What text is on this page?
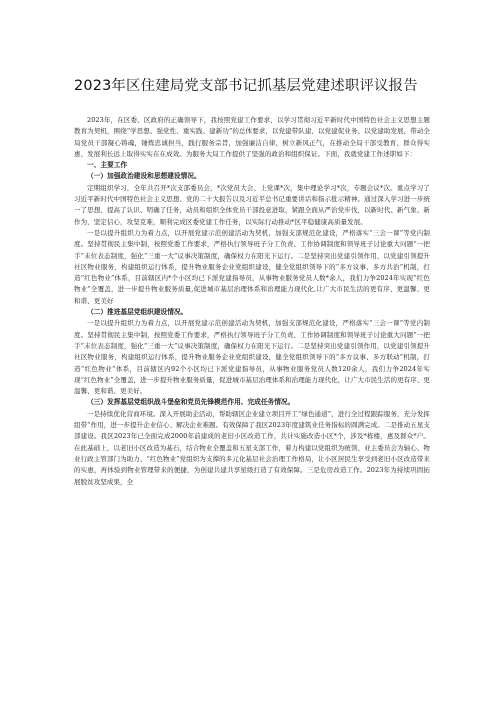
2023年区住建局党支部书记抓基层党建述职评议报告

2023年，在区委、区政府的正确领导下，我按照党建工作要求，以学习贯彻习近平新时代中国特色社会主义思想主题教育为契机，围绕“学思想、强党性、重实践、建新功”的总体要求，以党建带队建、以党建促业务、以党建助发展，带动全局党员干部凝心铸魂，锤炼忠诚担当，践行服务宗旨，加强廉洁自律，树立新风正气，在推动全局干部受教育、群众得实惠、发展利长远上取得实实在在成效。为服务大局工作提供了坚强的政治和组织保证。下面，我就党建工作述职如下：

一、主要工作

（一）加强政治建设和思想建设情况。

定期组织学习，全年共召开*次支部委员会，*次党员大会、上党课*次，集中理论学习*次，专题会议*次。重点学习了习近平新时代中国特色社会主义思想、党的二十大报告以及习近平总书记重要讲话和指示批示精神。通过深入学习进一步统一了思想、提高了认识、明确了任务，动员和组织全体党员干部投意进取，紧跟全面从严治党步伐，以新时代、新气象、新作为，坚定信心，攻坚克难，顺利完成区委党建工作任务，以实际行动推动*区平稳健康高质量发展。

一是以提升组织力为着力点，以开展党建示范创建活动为契机，加强支部规范化建设，严格落实“三会一课”等党内制度。坚持贯彻民主集中制，按照党委工作要求，严格执行领导班子分工负责、工作协调制度和领导班子讨论重大问题“一把手”末位表态制度，强化“三重一大”议事决策制度，确保权力在阳光下运行。二是坚持突出党建引领作用，以党建引领提升社区物业服务，构建组织运行体系，提升物业服务企业党组织建设，健全党组织领导下的“多方议事、多方共治”机制，打造“红色物业”体系，目前辖区内*个小区均已下派党建指导员，从事物业服务党员人数*余人，我们力争2024年实现“红色物业”全覆盖，进一步提升物业服务质量,促进城市基层治理体系和治理能力现代化,让广大市民生活的更有序、更温馨、更和谐、更美好

（二）推进基层党组织建设情况。

一是以提升组织力为着力点，以开展党建示范创建活动为契机，加强支部规范化建设，严格落实“三会一课”等党内制度。坚持贯彻民主集中制，按照党委工作要求，严格执行领导班子分工负责、工作协调制度和领导班子讨论重大问题“一把手”末位表态制度，强化“三重一大”议事决策制度，确保权力在阳光下运行。二是坚持突出党建引领作用，以党建引领提升社区物业服务，构建组织运行体系，提升物业服务企业党组织建设，健全党组织领导下的“多方议事、多方联动”机制，打造“红色物业”体系，目前辖区内92个小区均已下派党建指导员，从事物业服务党员人数120余人，我们力争2024年实现“红色物业”全覆盖，进一步提升物业服务质量，促进城市基层治理体系和治理能力现代化，让广大市民生活的更有序、更温馨、更和谐、更美好。

（三）发挥基层党组织战斗堡垒和党员先锋模范作用、完成任务情况。

一是持续优化营商环境。深入开展助企活动，帮助辖区企业建立项目开工“绿色通道”，进行全过程跟踪服务，充分发挥组带“作用，进一步提升企业信心、解决企业难题。有效保障了我区2023年度建筑业任务指标的圆满完成。二是推动五星支部建设。我区2023年已全面完成2000年前建成的老旧小区改造工作，共计实施改造小区*个，涉及*栋楼，惠及群众*户。在此基础上，以老旧小区改造为基石，结合物业全覆盖和五星支部工作，着力构建以党组织为统领、业主委员会为轴心、物业行政主管部门为助力、“红色物业”党组织为支撑的多元化基层社会治理工作格局，让小区居民生享受到老旧小区改造带来的实惠，再体验到物业管理带来的便捷，为创建共建共享星级打造了有效保障。三是危房改造工作。2023年为持续巩固拓展脱贫攻坚成果，全
